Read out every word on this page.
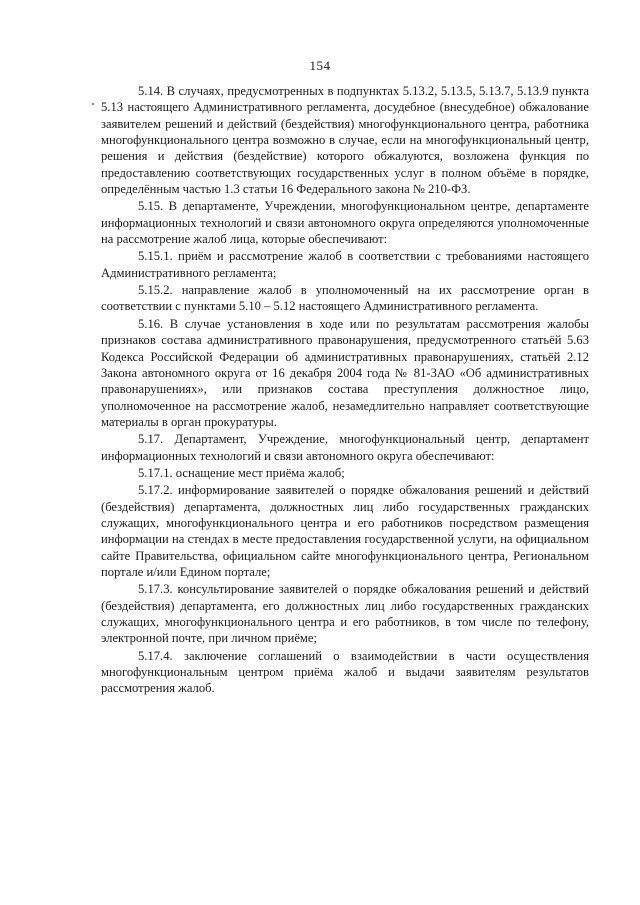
154

5.14. В случаях, предусмотренных в подпунктах 5.13.2, 5.13.5, 5.13.7, 5.13.9 пункта 5.13 настоящего Административного регламента, досудебное (внесудебное) обжалование заявителем решений и действий (бездействия) многофункционального центра, работника многофункционального центра возможно в случае, если на многофункциональный центр, решения и действия (бездействие) которого обжалуются, возложена функция по предоставлению соответствующих государственных услуг в полном объёме в порядке, определённым частью 1.3 статьи 16 Федерального закона № 210-ФЗ.

5.15. В департаменте, Учреждении, многофункциональном центре, департаменте информационных технологий и связи автономного округа определяются уполномоченные на рассмотрение жалоб лица, которые обеспечивают:

5.15.1. приём и рассмотрение жалоб в соответствии с требованиями настоящего Административного регламента;

5.15.2. направление жалоб в уполномоченный на их рассмотрение орган в соответствии с пунктами 5.10 – 5.12 настоящего Административного регламента.

5.16. В случае установления в ходе или по результатам рассмотрения жалобы признаков состава административного правонарушения, предусмотренного статьёй 5.63 Кодекса Российской Федерации об административных правонарушениях, статьёй 2.12 Закона автономного округа от 16 декабря 2004 года № 81-ЗАО «Об административных правонарушениях», или признаков состава преступления должностное лицо, уполномоченное на рассмотрение жалоб, незамедлительно направляет соответствующие материалы в орган прокуратуры.

5.17. Департамент, Учреждение, многофункциональный центр, департамент информационных технологий и связи автономного округа обеспечивают:

5.17.1. оснащение мест приёма жалоб;

5.17.2. информирование заявителей о порядке обжалования решений и действий (бездействия) департамента, должностных лиц либо государственных гражданских служащих, многофункционального центра и его работников посредством размещения информации на стендах в месте предоставления государственной услуги, на официальном сайте Правительства, официальном сайте многофункционального центра, Региональном портале и/или Едином портале;

5.17.3. консультирование заявителей о порядке обжалования решений и действий (бездействия) департамента, его должностных лиц либо государственных гражданских служащих, многофункционального центра и его работников, в том числе по телефону, электронной почте, при личном приёме;

5.17.4. заключение соглашений о взаимодействии в части осуществления многофункциональным центром приёма жалоб и выдачи заявителям результатов рассмотрения жалоб.
